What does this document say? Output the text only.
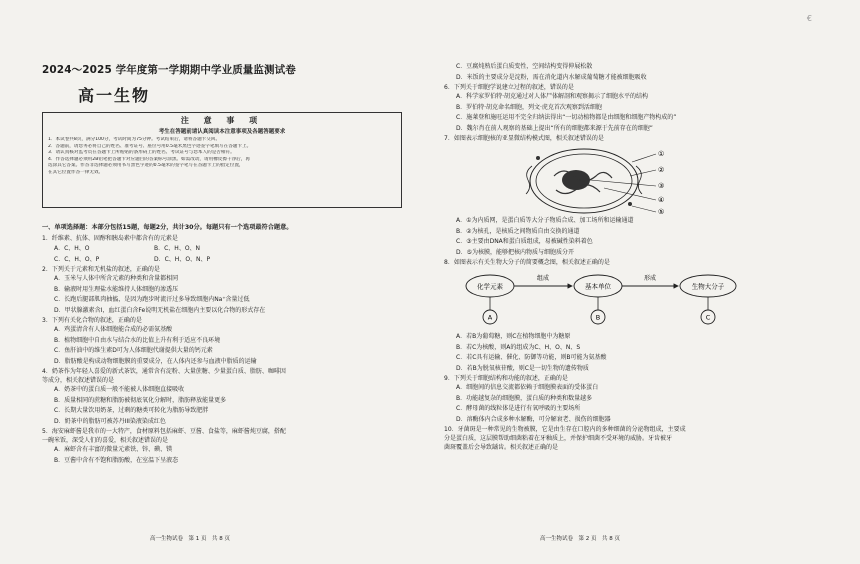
2024～2025 学年度第一学期期中学业质量监测试卷

高一生物

注 意 事 项

考生在答题前请认真阅读本注意事项及各题答题要求

1．本试卷共8页，满分100分，考试时间为75分钟。考试结束后，请将答题卡交回。

2．答题前，请您务必将自己的姓名、准考证号、座位号用0.5毫米黑色字迹签字笔填写在答题卡上。

3．请认真核对监考员在答题卡上所粘贴的条形码上的姓名、考试证号与您本人的是否相符。

4．作答选择题必须用2B铅笔把答题卡对应题目的答案标号涂黑。如需改动，请用橡皮擦干净后，再

选涂其它答案。作答非选择题必须用书写黑色字迹的0.5毫米的签字笔写在答题卡上的指定位置，

在其它位置作答一律无效。

一、单项选择题：本部分包括15题，每题2分，共计30分。每题只有一个选项最符合题意。

1．纤维素、抗体、固醇和胰岛素中都含有的元素是

A．C、H、O	B．C、H、O、N
C．C、H、O、P	D．C、H、O、N、P

2．下列关于元素和无机盐的叙述，正确的是

A．玉米与人体中所含元素的种类和含量都相同

B．输液时用生理盐水能维持人体细胞的渗透压

C．长跑后腿部肌肉抽搐，是因为跑步时流汗过多导致细胞内Na⁺含量过低

D．甲状腺激素含I，血红蛋白含Fe说明无机盐在细胞内主要以化合物的形式存在

3．下列有关化合物的叙述，正确的是

A．鸡蛋清含有人体细胞能合成的必需氨基酸

B．植物细胞中自由水与结合水的比值上升有利于适应不良环境

C．鱼肝油中的维生素D可为人体细胞代谢提供大量的钙元素

D．脂肪酸是构成动物细胞膜的重要成分，在人体内还参与血液中脂质的运输

4．奶茶作为年轻人喜爱的新式茶饮，通常含有淀粉、大量蔗糖、少量蛋白质、脂肪、咖啡因

等成分，相关叙述错误的是

A．奶茶中的蛋白质一般不能被人体细胞直接吸收

B．质量相同的蔗糖和脂肪被彻底氧化分解时，脂肪释放能量更多

C．长期大量饮用奶茶，过剩的糖类可转化为脂肪导致肥胖

D．奶茶中的脂肪可被苏丹III染液染成红色

5．海安麻虾酱是我市的一大特产，食材原料包括麻虾、豆酱、食盐等，麻虾酱炖豆腐，搭配

一碗米饭，深受人们的喜爱，相关叙述错误的是

A．麻虾含有丰富的微量元素铁、锌、碘、镁

B．豆酱中含有不饱和脂肪酸，在室温下呈液态

高一生物试卷　第 1 页　共 8 页
€

C．豆腐炖熟后蛋白质变性，空间结构变得伸展松散

D．米饭的主要成分是淀粉，需在消化道内水解成葡萄糖才能被细胞吸收

6．下列关于细胞学说建立过程的叙述，错误的是

A．科学家罗伯特·胡克通过对人体尸体解剖和观察揭示了细胞水平的结构

B．罗伯特·胡克命名细胞，列文·虎克首次观察到活细胞

C．施莱登和施旺运用不完全归纳法得出“一切动植物都是由细胞和细胞产物构成的”

D．魏尔肖在前人观察的基础上提出“所有的细胞都来源于先前存在的细胞”

7．如图表示细胞核的亚显微结构模式图，相关叙述错误的是

①
②
③
④
⑤

A．①为内质网，是蛋白质等大分子物质合成、加工场所和运输通道

B．②为核孔，是核质之间物质自由交换的通道

C．③主要由DNA和蛋白质组成，易被碱性染料着色

D．⑤为核膜，能够把核内物质与细胞质分开

8．如图表示有关生物大分子的简要概念图，相关叙述正确的是

化学元素	基本单位	生物大分子
组成	形成
A	B	C

A．若B为葡萄糖，则C在植物细胞中为糖原

B．若C为核酸，则A的组成为C、H、O、N、S

C．若C具有运输、催化、防御等功能，则B可能为氨基酸

D．若B为脱氧核苷酸，则C是一切生物的遗传物质

9．下列关于细胞结构和功能的叙述，正确的是

A．细胞间的信息交流都依赖于细胞膜表面的受体蛋白

B．功能越复杂的细胞膜，蛋白质的种类和数量越多

C．酵母菌的线粒体是进行有氧呼吸的主要场所

D．溶酶体内合成多种水解酶，可分解衰老、损伤的细胞器

10．牙菌斑是一种常见的生物被膜，它是由生存在口腔内的多种细菌的分泌物组成，主要成

分是蛋白质，这层膜帮助细菌粘着在牙釉质上，并保护细菌不受环境的威胁。牙齿被牙

菌斑覆盖后会导致龋齿。相关叙述正确的是

高一生物试卷　第 2 页　共 8 页
